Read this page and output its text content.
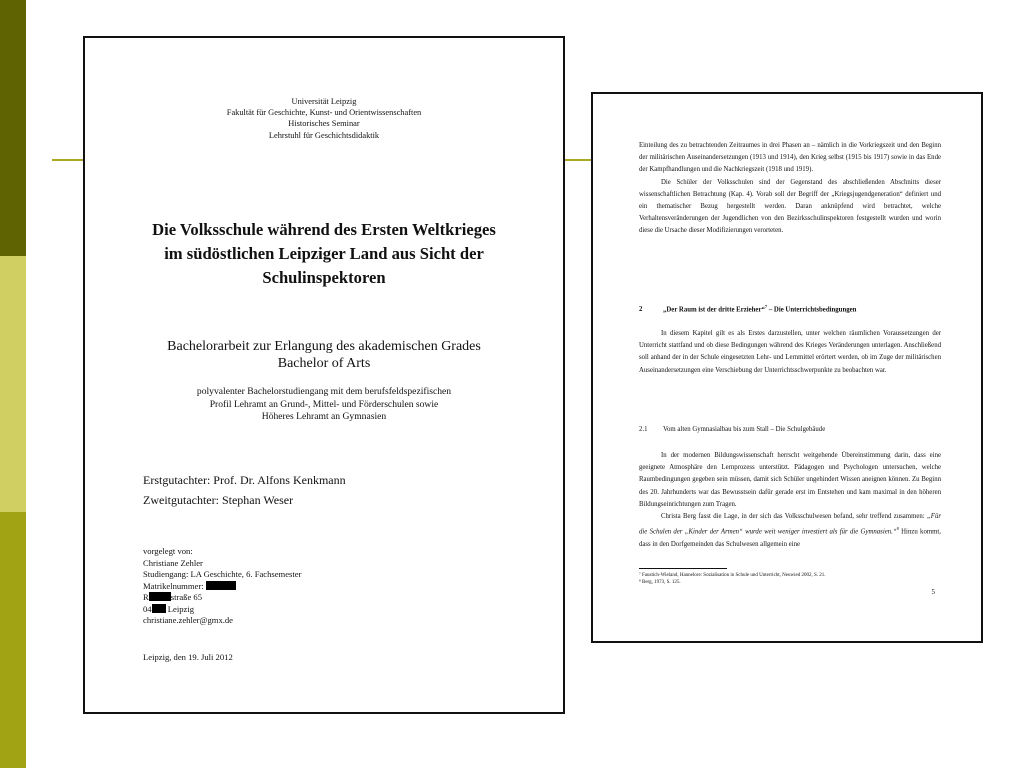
Universität Leipzig
Fakultät für Geschichte, Kunst- und Orientwissenschaften
Historisches Seminar
Lehrstuhl für Geschichtsdidaktik
Die Volksschule während des Ersten Weltkrieges
im südöstlichen Leipziger Land aus Sicht der
Schulinspektoren
Bachelorarbeit zur Erlangung des akademischen Grades
Bachelor of Arts
polyvalenter Bachelorstudiengang mit dem berufsfeldspezifischen
Profil Lehramt an Grund-, Mittel- und Förderschulen sowie
Höheres Lehramt an Gymnasien
Erstgutachter: Prof. Dr. Alfons Kenkmann
Zweitgutachter: Stephan Weser
vorgelegt von:
Christiane Zehler
Studiengang: LA Geschichte, 6. Fachsemester
Matrikelnummer:
R	straße 65
04 Leipzig
christiane.zehler@gmx.de
Leipzig, den 19. Juli 2012

Einteilung des zu betrachtenden Zeitraumes in drei Phasen an – nämlich in die Vorkriegszeit und den Beginn der militärischen Auseinandersetzungen (1913 und 1914), den Krieg selbst (1915 bis 1917) sowie in das Ende der Kampfhandlungen und die Nachkriegszeit (1918 und 1919).

Die Schüler der Volksschulen sind der Gegenstand des abschließenden Abschnitts dieser wissenschaftlichen Betrachtung (Kap. 4). Vorab soll der Begriff der „Kriegsjugendgeneration“ definiert und ein thematischer Bezug hergestellt werden. Daran anknüpfend wird betrachtet, welche Verhaltensveränderungen der Jugendlichen von den Bezirksschulinspektoren festgestellt wurden und worin diese die Ursache dieser Modifizierungen verorteten.

2	„Der Raum ist der dritte Erzieher“$^7$ – Die Unterrichtsbedingungen

In diesem Kapitel gilt es als Erstes darzustellen, unter welchen räumlichen Voraussetzungen der Unterricht stattfand und ob diese Bedingungen während des Krieges Veränderungen unterlagen. Anschließend soll anhand der in der Schule eingesetzten Lehr- und Lernmittel erörtert werden, ob im Zuge der militärischen Auseinandersetzungen eine Verschiebung der Unterrichtsschwerpunkte zu beobachten war.

2.1 Vom alten Gymnasialbau bis zum Stall – Die Schulgebäude

In der modernen Bildungswissenschaft herrscht weitgehende Übereinstimmung darin, dass eine geeignete Atmosphäre den Lernprozess unterstützt. Pädagogen und Psychologen untersuchen, welche Raumbedingungen gegeben sein müssen, damit sich Schüler ungehindert Wissen aneignen können. Zu Beginn des 20. Jahrhunderts war das Bewusstsein dafür gerade erst im Entstehen und kam maximal in den höheren Bildungseinrichtungen zum Tragen.

Christa Berg fasst die Lage, in der sich das Volksschulwesen befand, sehr treffend zusammen: „Für die Schulen der „Kinder der Armen“ wurde weit weniger investiert als für die Gymnasien.“$^8$ Hinzu kommt, dass in den Dorfgemeinden das Schulwesen allgemein eine

⁷ Faustich-Wieland, Hannelore: Sozialisation in Schule und Unterricht, Neuwied 2002, S. 21.
⁸ Berg, 1973, S. 125.
5
